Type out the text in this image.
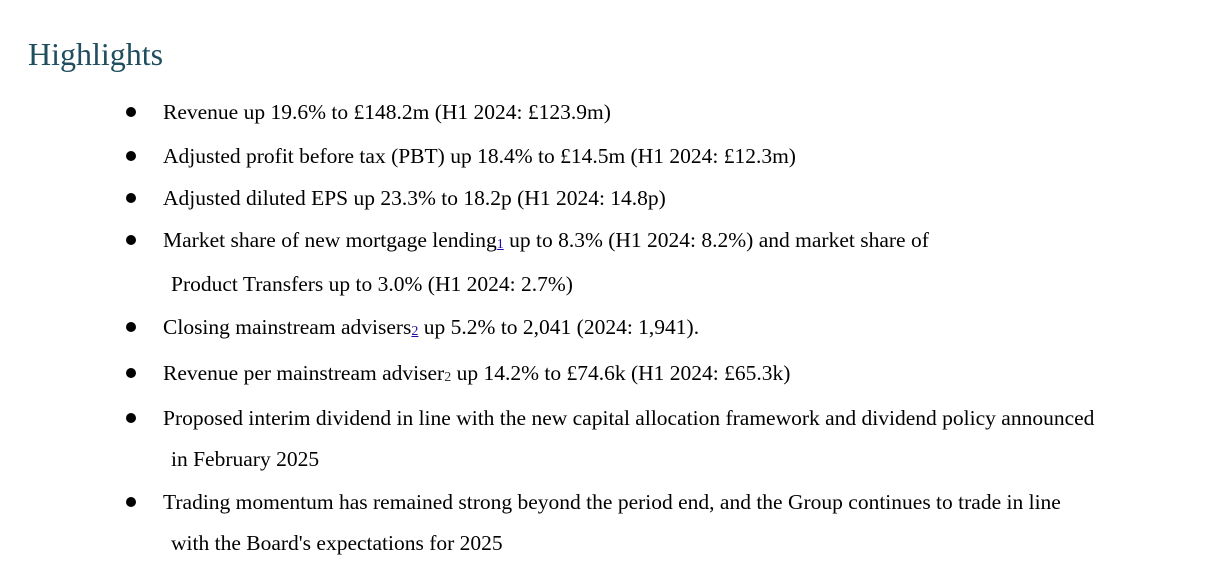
Highlights
Revenue up 19.6% to £148.2m (H1 2024: £123.9m)
Adjusted profit before tax (PBT) up 18.4% to £14.5m (H1 2024: £12.3m)
Adjusted diluted EPS up 23.3% to 18.2p (H1 2024: 14.8p)
Market share of new mortgage lending1 up to 8.3% (H1 2024: 8.2%) and market share of
Product Transfers up to 3.0% (H1 2024: 2.7%)
Closing mainstream advisers2 up 5.2% to 2,041 (2024: 1,941).
Revenue per mainstream adviser2 up 14.2% to £74.6k (H1 2024: £65.3k)
Proposed interim dividend in line with the new capital allocation framework and dividend policy announced
in February 2025
Trading momentum has remained strong beyond the period end, and the Group continues to trade in line
with the Board's expectations for 2025
